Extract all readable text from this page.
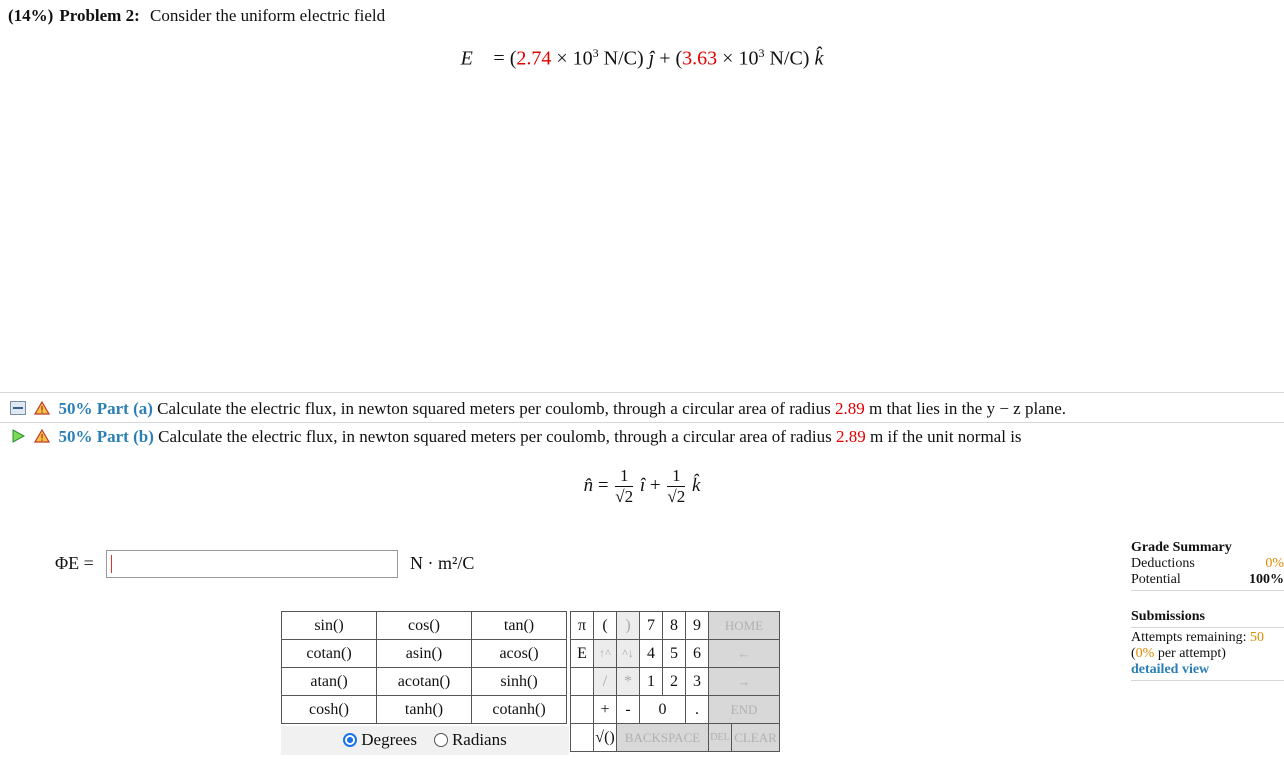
(14%) Problem 2: Consider the uniform electric field
$E = (2.74 \times 10^3$ N/C) ĵ + ($3.63 \times 10^3$ N/C) k̂
50% Part (a) Calculate the electric flux, in newton squared meters per coulomb, through a circular area of radius 2.89 m that lies in the y − z plane.
50% Part (b) Calculate the electric flux, in newton squared meters per coulomb, through a circular area of radius 2.89 m if the unit normal is
n̂ = $\frac{1}{√2}$ î + $\frac{1}{√2}$ k̂
ΦE =	N · m²/C
sin()	cos()	tan()
cotan()	asin()	acos()
atan()	acotan()	sinh()
cosh()	tanh()	cotanh()
Degrees Radians
π	(	)	7	8	9	HOME	
E	↑^	^↓	4	5	6	←	
	/	*	1	2	3	→	
	+	-	0		.	END	
	√()	BACKSPACE				DEL	CLEAR
Grade Summary
Deductions	0%
Potential	100%
Submissions
Attempts remaining: 50
(0% per attempt)
detailed view
